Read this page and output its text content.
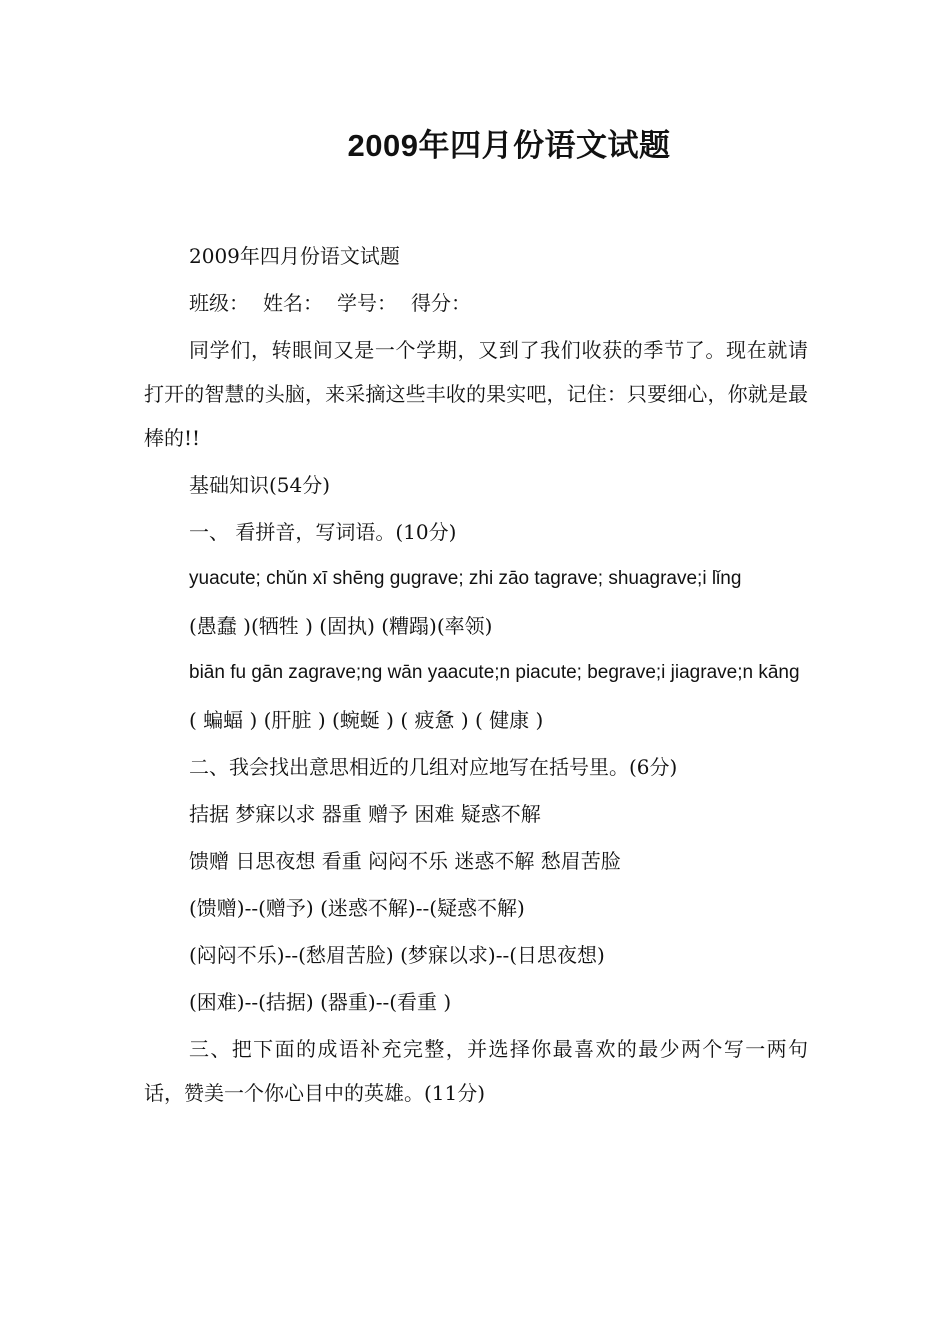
2009年四月份语文试题

2009年四月份语文试题

班级： 姓名： 学号： 得分：

同学们，转眼间又是一个学期，又到了我们收获的季节了。现在就请打开的智慧的头脑，来采摘这些丰收的果实吧，记住：只要细心，你就是最棒的!!

基础知识(54分)

一、 看拼音，写词语。(10分)

yuacute; chǔn xī shēng gugrave; zhi zāo tagrave; shuagrave;i lǐng

(愚蠢 )(牺牲 ) (固执) (糟蹋)(率领)

biān fu gān zagrave;ng wān yaacute;n piacute; begrave;i jiagrave;n kāng

( 蝙蝠 ) (肝脏 ) (蜿蜒 ) ( 疲惫 ) ( 健康 )

二、我会找出意思相近的几组对应地写在括号里。(6分)

拮据 梦寐以求 器重 赠予 困难 疑惑不解

馈赠 日思夜想 看重 闷闷不乐 迷惑不解 愁眉苦脸

(馈赠)--(赠予) (迷惑不解)--(疑惑不解)

(闷闷不乐)--(愁眉苦脸) (梦寐以求)--(日思夜想)

(困难)--(拮据) (器重)--(看重 )

三、把下面的成语补充完整，并选择你最喜欢的最少两个写一两句话，赞美一个你心目中的英雄。(11分)
